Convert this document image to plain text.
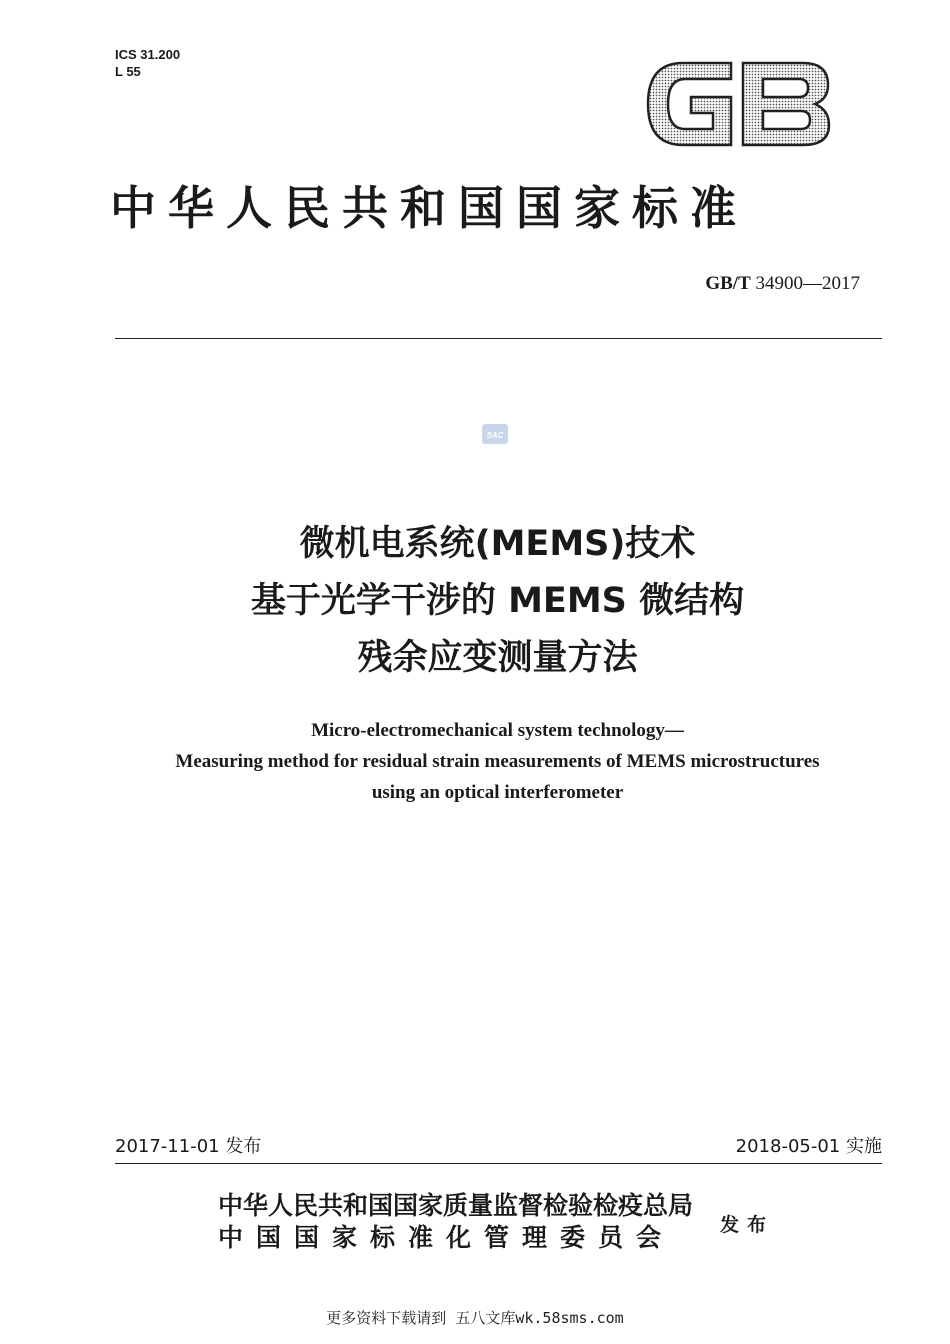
ICS 31.200
L 55
中华人民共和国国家标准
GB/T 34900—2017
SAC
微机电系统(MEMS)技术
基于光学干涉的 MEMS 微结构
残余应变测量方法
Micro-electromechanical system technology—
Measuring method for residual strain measurements of MEMS microstructures
using an optical interferometer
2017-11-01 发布	2018-05-01 实施
中华人民共和国国家质量监督检验检疫总局
中国国家标准化管理委员会	发布
更多资料下载请到 五八文库wk.58sms.com
